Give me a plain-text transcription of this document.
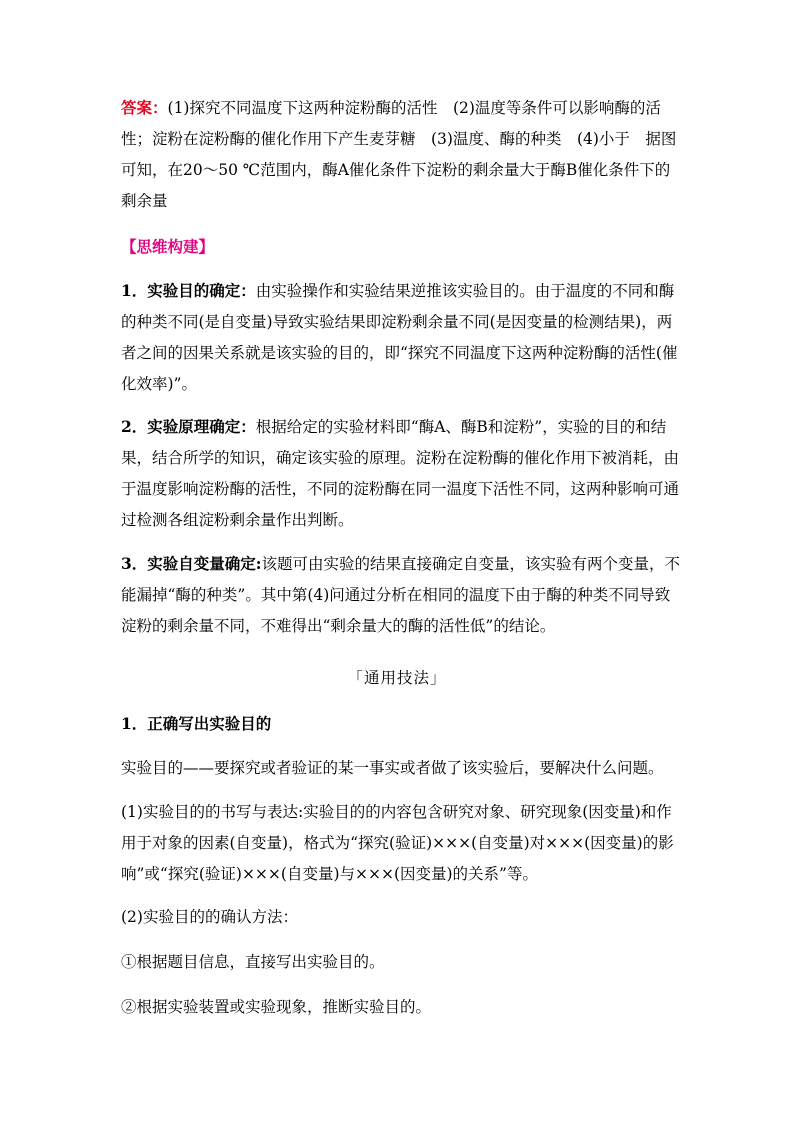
答案：(1)探究不同温度下这两种淀粉酶的活性　(2)温度等条件可以影响酶的活性；淀粉在淀粉酶的催化作用下产生麦芽糖　(3)温度、酶的种类　(4)小于　据图可知，在20～50 ℃范围内，酶A催化条件下淀粉的剩余量大于酶B催化条件下的剩余量

【思维构建】

1．实验目的确定：由实验操作和实验结果逆推该实验目的。由于温度的不同和酶的种类不同(是自变量)导致实验结果即淀粉剩余量不同(是因变量的检测结果)，两者之间的因果关系就是该实验的目的，即“探究不同温度下这两种淀粉酶的活性(催化效率)”。

2．实验原理确定：根据给定的实验材料即“酶A、酶B和淀粉”，实验的目的和结果，结合所学的知识，确定该实验的原理。淀粉在淀粉酶的催化作用下被消耗，由于温度影响淀粉酶的活性，不同的淀粉酶在同一温度下活性不同，这两种影响可通过检测各组淀粉剩余量作出判断。

3．实验自变量确定:该题可由实验的结果直接确定自变量，该实验有两个变量，不能漏掉“酶的种类”。其中第(4)问通过分析在相同的温度下由于酶的种类不同导致淀粉的剩余量不同，不难得出“剩余量大的酶的活性低”的结论。

「通用技法」

1．正确写出实验目的

实验目的——要探究或者验证的某一事实或者做了该实验后，要解决什么问题。

(1)实验目的的书写与表达:实验目的的内容包含研究对象、研究现象(因变量)和作用于对象的因素(自变量)，格式为“探究(验证)×××(自变量)对×××(因变量)的影响”或“探究(验证)×××(自变量)与×××(因变量)的关系”等。

(2)实验目的的确认方法：

①根据题目信息，直接写出实验目的。

②根据实验装置或实验现象，推断实验目的。
